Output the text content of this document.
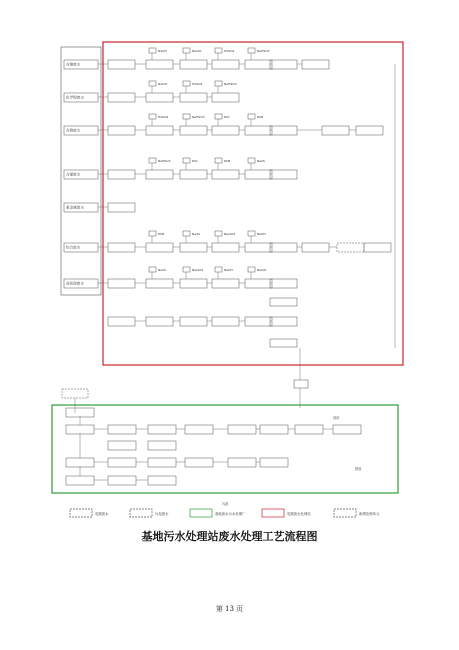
含镍废水
化学镍废水
含铬废水
含氰废水
重金属废水
综合废水
前处理废水
NaOH	NaClO	H2SO4	NaHSO3
NaClO	H2SO4	NaHSO3
H2SO4	NaHSO3	PAC	PAM
NaHSO3	PAC	PAM	Na2S
PAM	Na2S	NaClO2	NaOH
Na2S	NaClO2	NaOH	NaClO
回用
排放
污泥
电镀废水	污泥废水	基地废水污水处理厂	电镀废水处理站	新增处理单元
基地污水处理站废水处理工艺流程图
第 13 页
